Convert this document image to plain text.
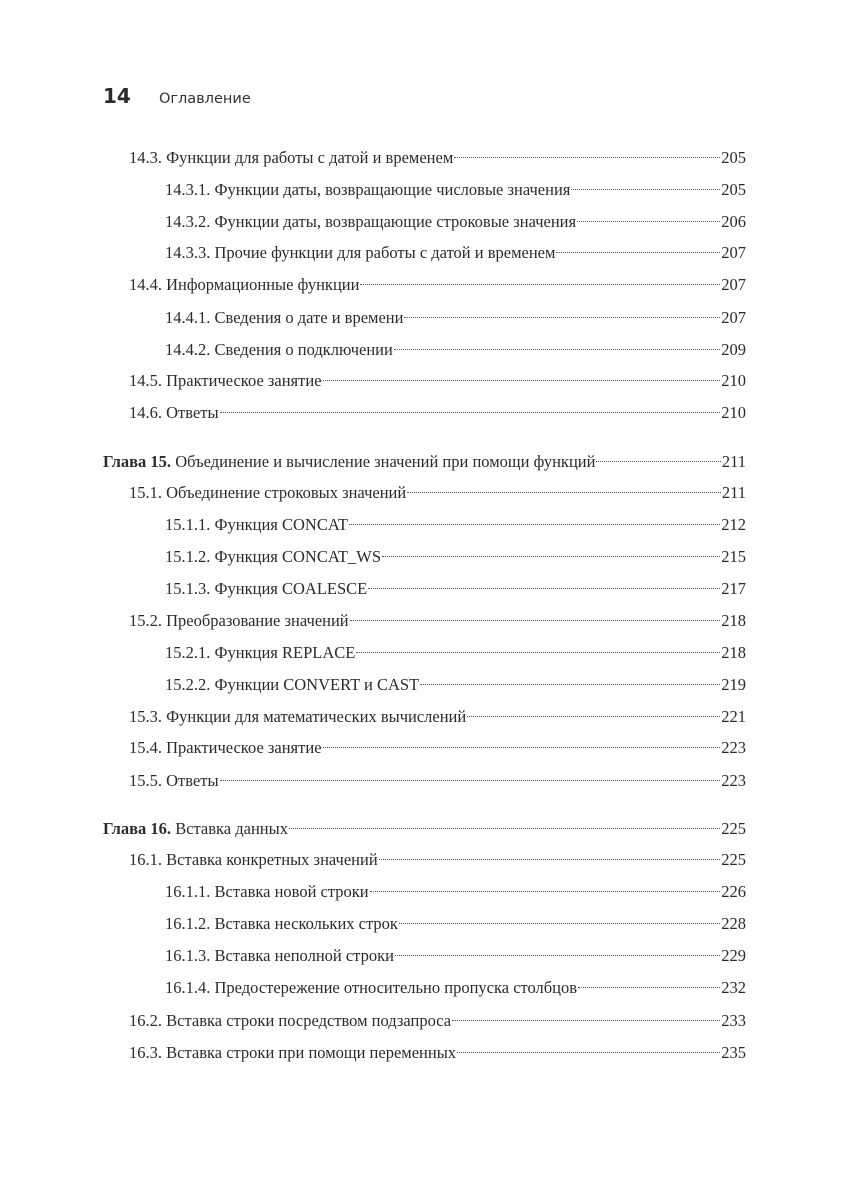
14	Оглавление
14.3. Функции для работы с датой и временем	205
14.3.1. Функции даты, возвращающие числовые значения	205
14.3.2. Функции даты, возвращающие строковые значения	206
14.3.3. Прочие функции для работы с датой и временем	207
14.4. Информационные функции	207
14.4.1. Сведения о дате и времени	207
14.4.2. Сведения о подключении	209
14.5. Практическое занятие	210
14.6. Ответы	210
Глава 15. Объединение и вычисление значений при помощи функций	211
15.1. Объединение строковых значений	211
15.1.1. Функция CONCAT	212
15.1.2. Функция CONCAT_WS	215
15.1.3. Функция COALESCE	217
15.2. Преобразование значений	218
15.2.1. Функция REPLACE	218
15.2.2. Функции CONVERT и CAST	219
15.3. Функции для математических вычислений	221
15.4. Практическое занятие	223
15.5. Ответы	223
Глава 16. Вставка данных	225
16.1. Вставка конкретных значений	225
16.1.1. Вставка новой строки	226
16.1.2. Вставка нескольких строк	228
16.1.3. Вставка неполной строки	229
16.1.4. Предостережение относительно пропуска столбцов	232
16.2. Вставка строки посредством подзапроса	233
16.3. Вставка строки при помощи переменных	235
